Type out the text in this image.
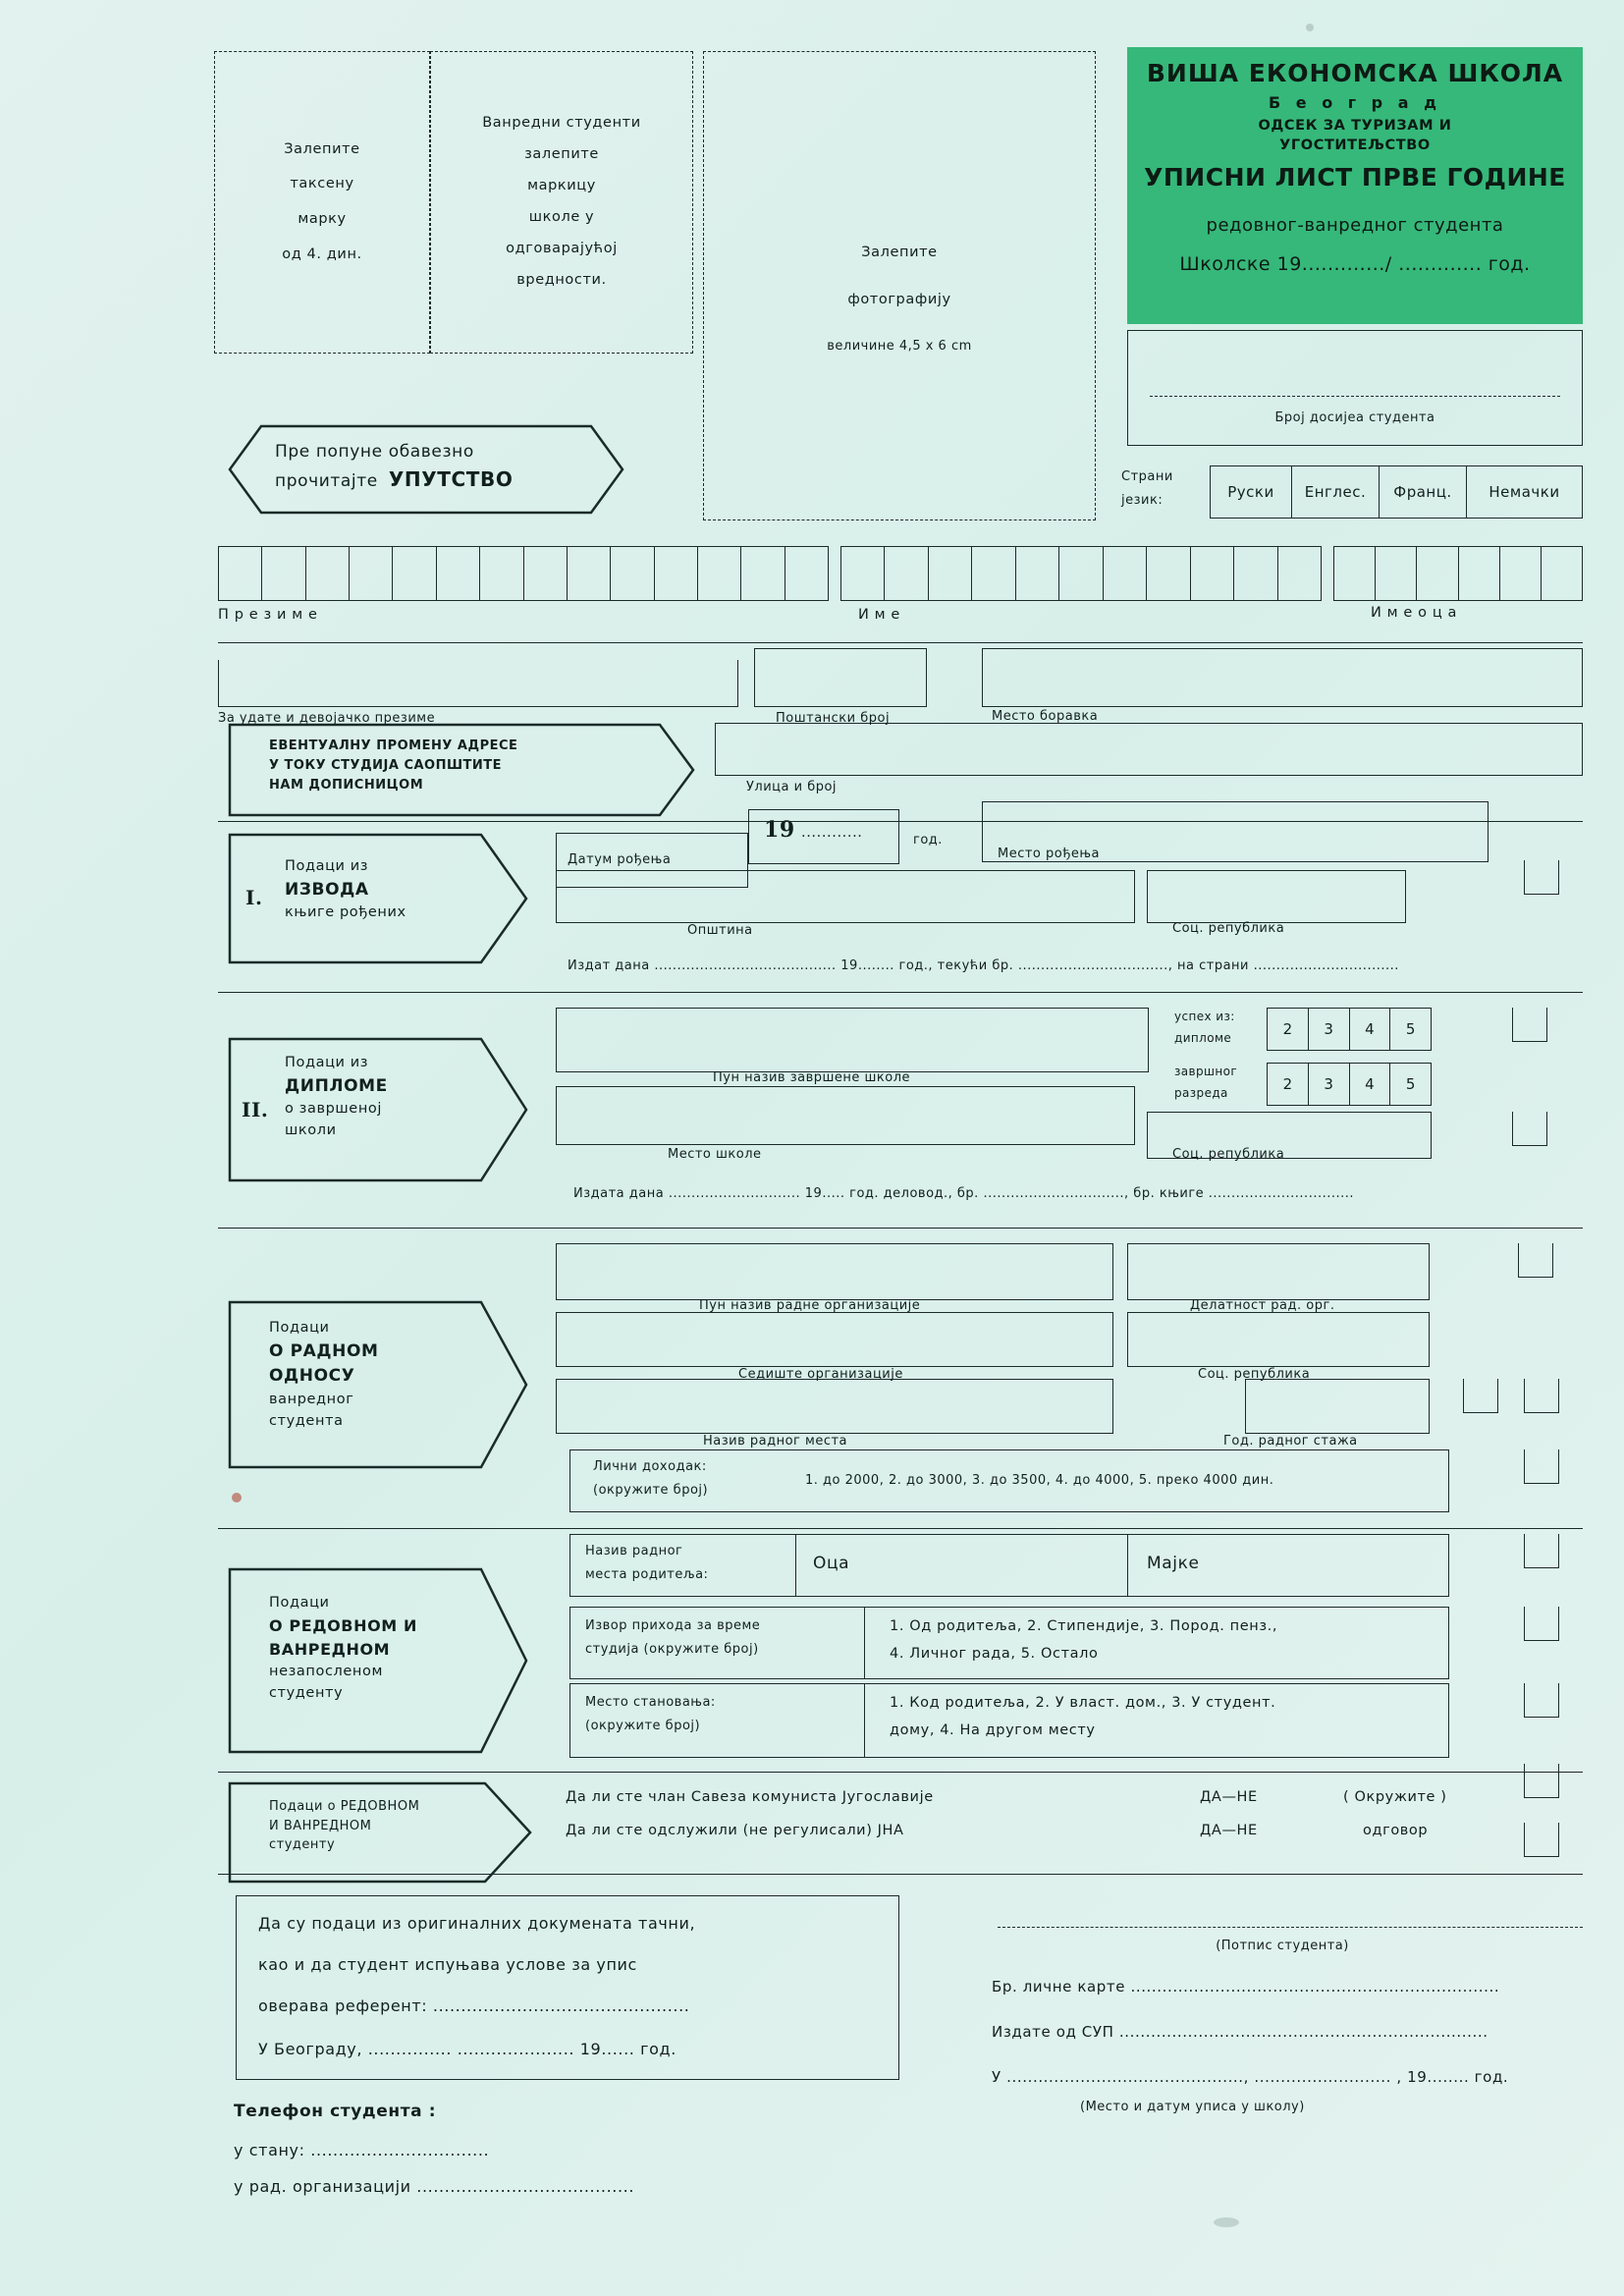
Залепите
таксену
марку
од 4. дин.
Ванредни студенти
залепите
маркицу
школе у
одговарајућој
вредности.
Залепите
фотографију
величине 4,5 x 6 cm
ВИША ЕКОНОМСКА ШКОЛА
Б е о г р а д
ОДСЕК ЗА ТУРИЗАМ И
УГОСТИТЕЉСТВО
УПИСНИ ЛИСТ ПРВЕ ГОДИНЕ
редовног-ванредног студента
Школске 19............./ ............. год.
Број досијеа студента
Страни
језик:	Руски	Енглес.	Франц.	Немачки
Пре попуне обавезно
прочитајте УПУТСТВО
П р е з и м е	И м е	И м е о ц а
За удате и девојачко презиме	Поштански број	Место боравка
ЕВЕНТУАЛНУ ПРОМЕНУ АДРЕСЕ
У ТОКУ СТУДИЈА САОПШТИТЕ
НАМ ДОПИСНИЦОМ	Улица и број
I.
Подаци из
ИЗВОДА
књиге рођених
Датум рођења
19 ............	год.
Место рођења
Општина	Соц. република
Издат дана ........................................ 19........ год., текући бр. ................................., на страни ................................
II.
Подаци из
ДИПЛОМЕ
о завршеној
школи
Пун назив завршене школе
успех из:
дипломе	2	3	4	5
завршног
разреда	2	3	4	5
Место школе	Соц. република
Издата дана ............................. 19..... год. деловод., бр. ..............................., бр. књиге ................................
Подаци
О РАДНОМ
ОДНОСУ
ванредног
студента
Пун назив радне организације	Делатност рад. орг.
Седиште организације	Соц. република
Назив радног места	Год. радног стажа
Лични доходак:
(окружите број)
1. до 2000, 2. до 3000, 3. до 3500, 4. до 4000, 5. преко 4000 дин.
Подаци
О РЕДОВНОМ И
ВАНРЕДНОМ
незапосленом
студенту
Назив радног
места родитеља:
Оца	Мајке
Извор прихода за време
студија (окружите број)
1. Од родитеља, 2. Стипендије, 3. Пород. пенз.,
4. Личног рада, 5. Остало
Место становања:
(окружите број)
1. Код родитеља, 2. У власт. дом., 3. У студент.
дому, 4. На другом месту
Подаци о РЕДОВНОМ
И ВАНРЕДНОМ
студенту
Да ли сте члан Савеза комуниста Југославије
Да ли сте одслужили (не регулисали) ЈНА
ДА—НЕ
ДА—НЕ
( Окружите )
одговор
Да су подаци из оригиналних докумената тачни,
као и да студент испуњава услове за упис
оверава референт: ..............................................
У Београду, ............... ..................... 19...... год.
(Потпис студента)
Бр. личне карте ......................................................................
Издате од СУП ......................................................................
У ............................................., .......................... , 19........ год.
(Место и датум уписа у школу)
Телефон студента :
у стану: ................................
у рад. организацији .......................................
